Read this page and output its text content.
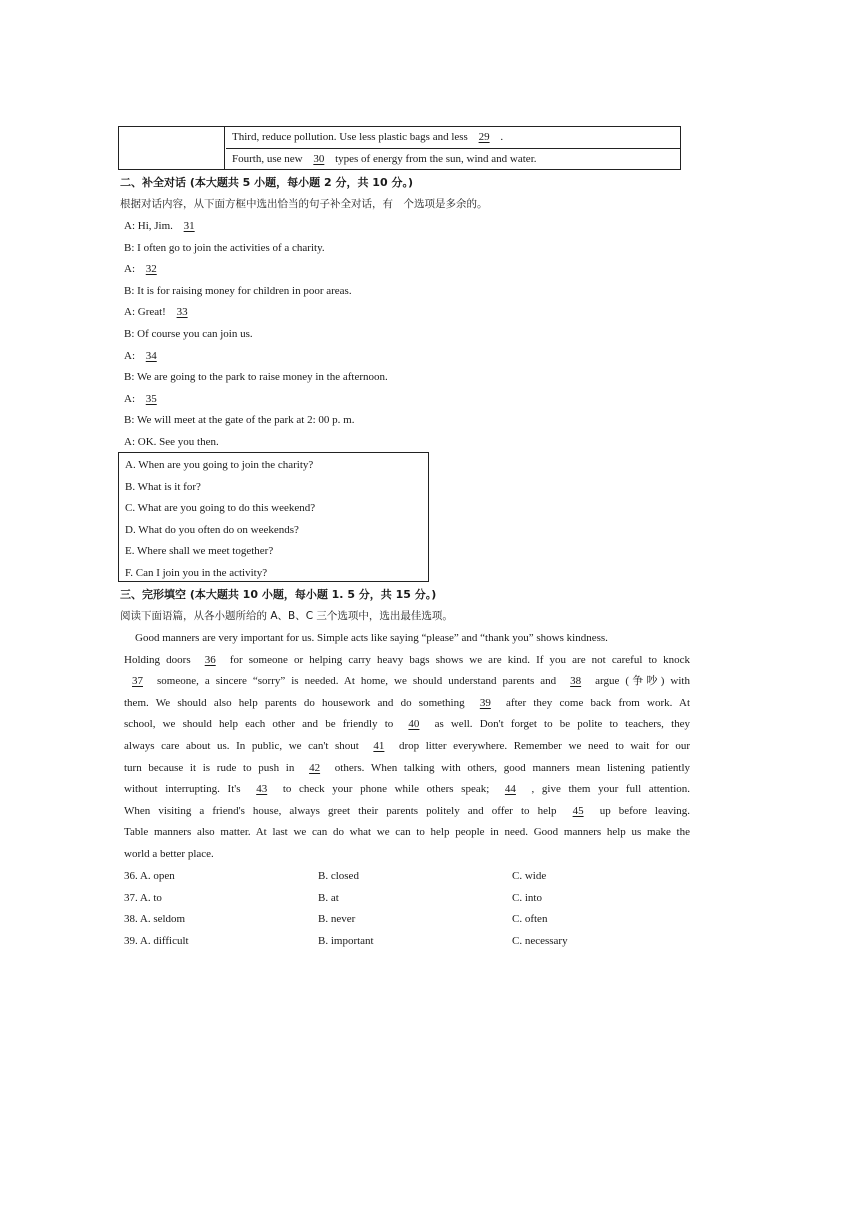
Third, reduce pollution. Use less plastic bags and less 29 .
Fourth, use new 30 types of energy from the sun, wind and water.
二、补全对话 (本大题共 5 小题，每小题 2 分，共 10 分。)
根据对话内容，从下面方框中选出恰当的句子补全对话，有　个选项是多余的。
A: Hi, Jim. 31
B: I often go to join the activities of a charity.
A: 32
B: It is for raising money for children in poor areas.
A: Great! 33
B: Of course you can join us.
A: 34
B: We are going to the park to raise money in the afternoon.
A: 35
B: We will meet at the gate of the park at 2: 00 p. m.
A: OK. See you then.
A. When are you going to join the charity?
B. What is it for?
C. What are you going to do this weekend?
D. What do you often do on weekends?
E. Where shall we meet together?
F. Can I join you in the activity?
三、完形填空 (本大题共 10 小题，每小题 1. 5 分，共 15 分。)
阅读下面语篇，从各小题所给的 A、B、C 三个选项中，选出最佳选项。
Good manners are very important for us. Simple acts like saying “please” and “thank you” shows kindness.
Holding doors 36 for someone or helping carry heavy bags shows we are kind. If you are not careful to knock
37 someone, a sincere “sorry” is needed. At home, we should understand parents and 38 argue (争吵) with
them. We should also help parents do housework and do something 39 after they come back from work. At
school, we should help each other and be friendly to 40 as well. Don't forget to be polite to teachers, they
always care about us. In public, we can't shout 41 drop litter everywhere. Remember we need to wait for our
turn because it is rude to push in 42 others. When talking with others, good manners mean listening patiently
without interrupting. It's 43 to check your phone while others speak; 44 , give them your full attention.
When visiting a friend's house, always greet their parents politely and offer to help 45 up before leaving.
Table manners also matter. At last we can do what we can to help people in need. Good manners help us make the
world a better place.
36. A. open	B. closed	C. wide
37. A. to	B. at	C. into
38. A. seldom	B. never	C. often
39. A. difficult	B. important	C. necessary
